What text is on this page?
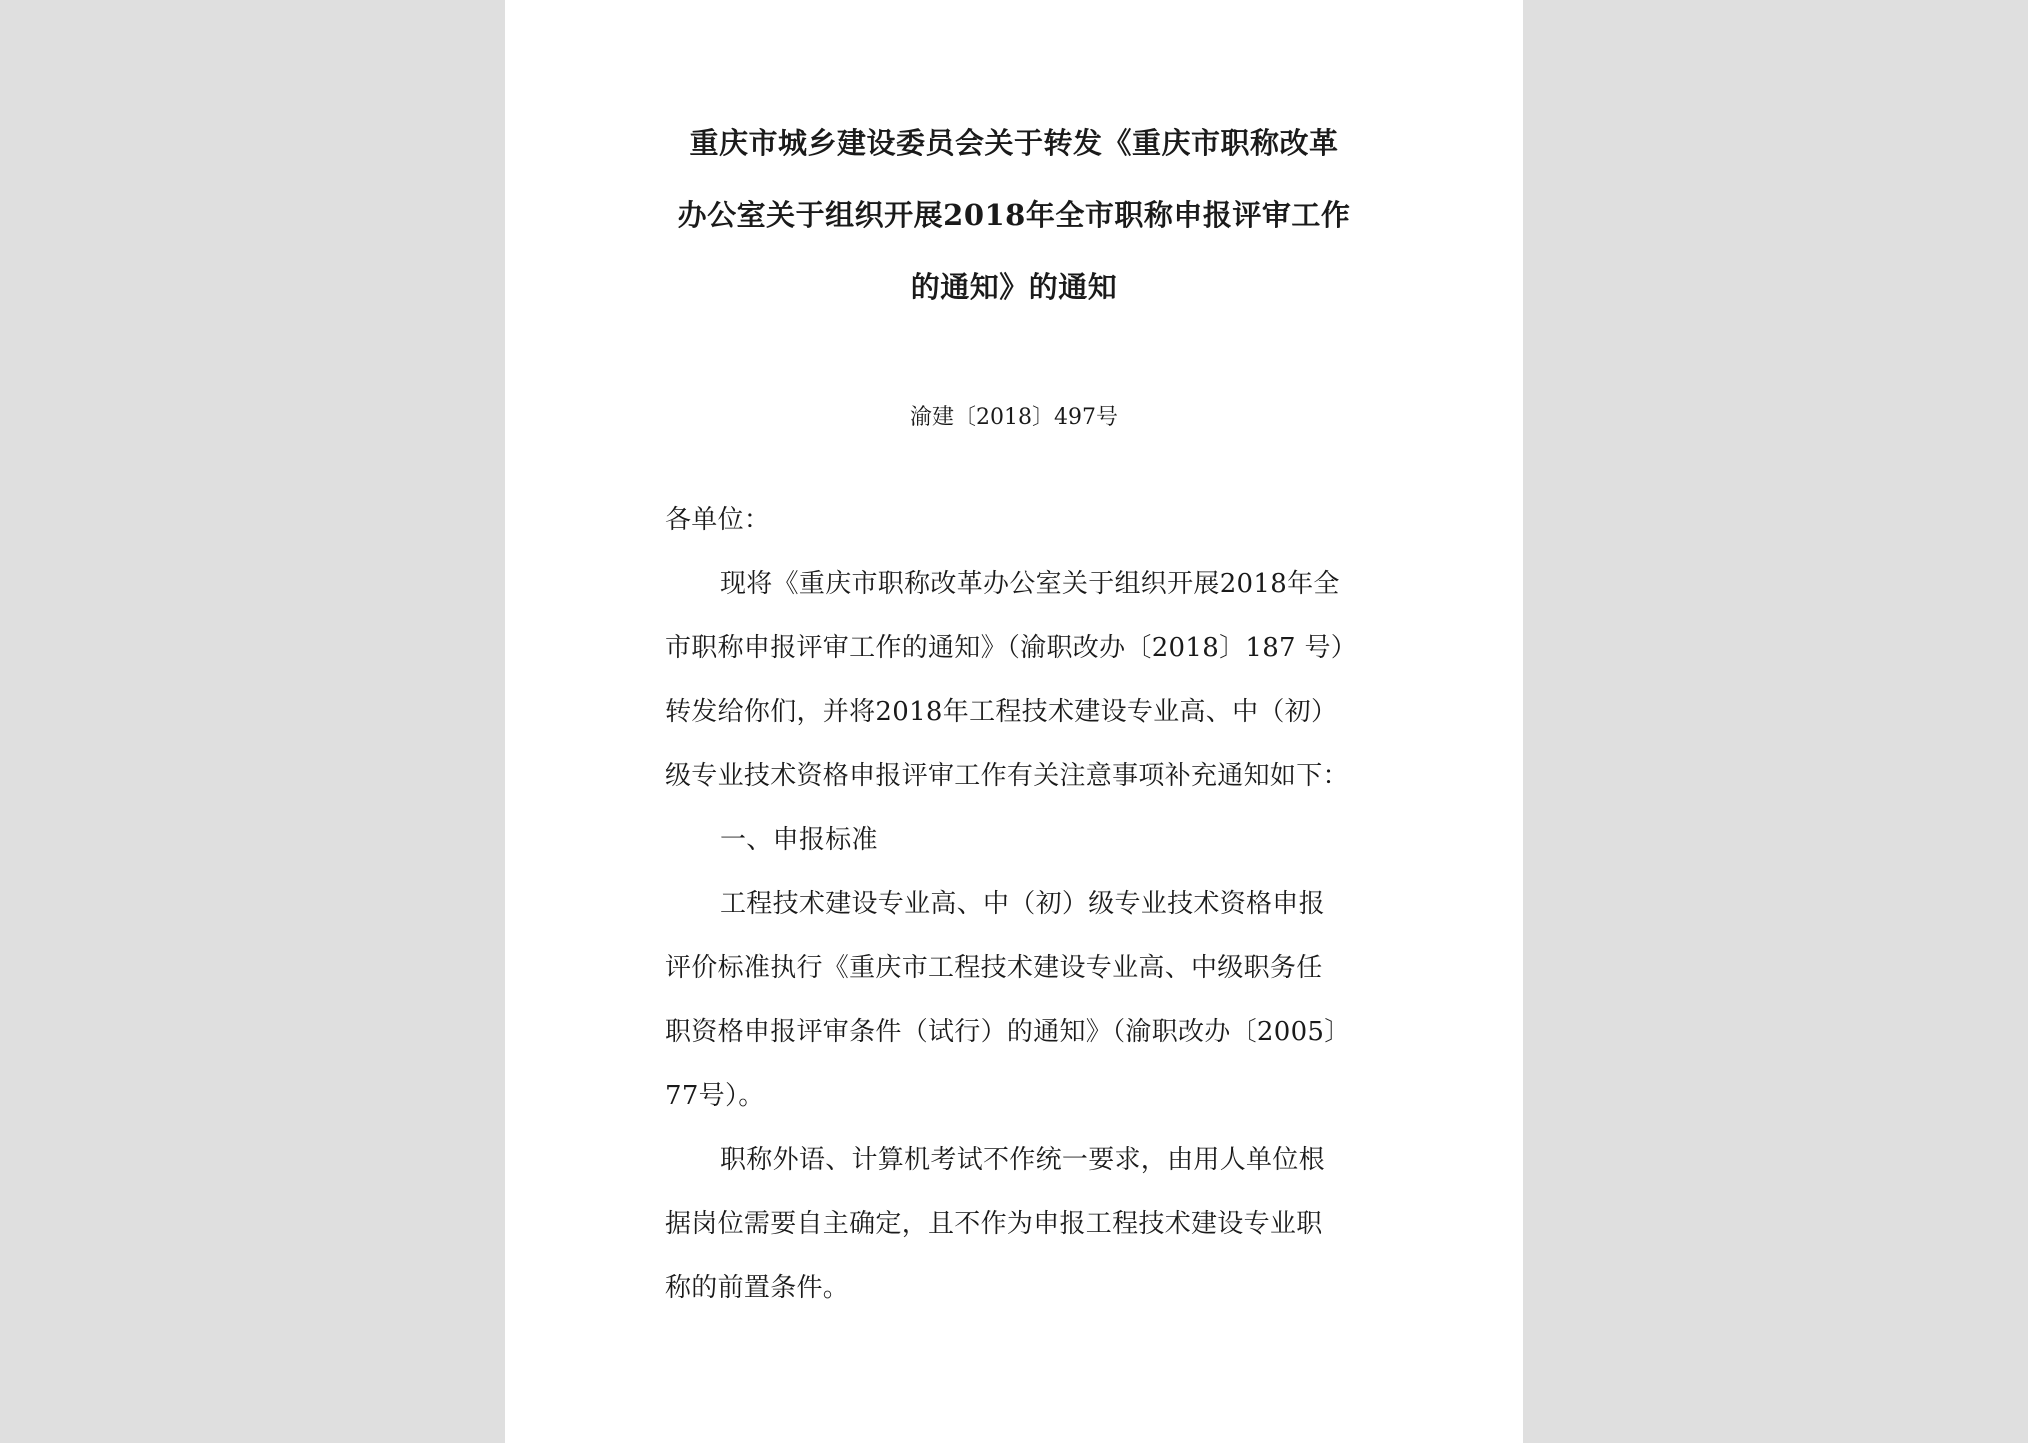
重庆市城乡建设委员会关于转发《重庆市职称改革
办公室关于组织开展2018年全市职称申报评审工作
的通知》的通知
渝建〔2018〕497号
各单位：
现将《重庆市职称改革办公室关于组织开展2018年全
市职称申报评审工作的通知》（渝职改办〔2018〕187 号）
转发给你们，并将2018年工程技术建设专业高、中（初）
级专业技术资格申报评审工作有关注意事项补充通知如下：
一、申报标准
工程技术建设专业高、中（初）级专业技术资格申报
评价标准执行《重庆市工程技术建设专业高、中级职务任
职资格申报评审条件（试行）的通知》（渝职改办〔2005〕
77号）。
职称外语、计算机考试不作统一要求，由用人单位根
据岗位需要自主确定，且不作为申报工程技术建设专业职
称的前置条件。
